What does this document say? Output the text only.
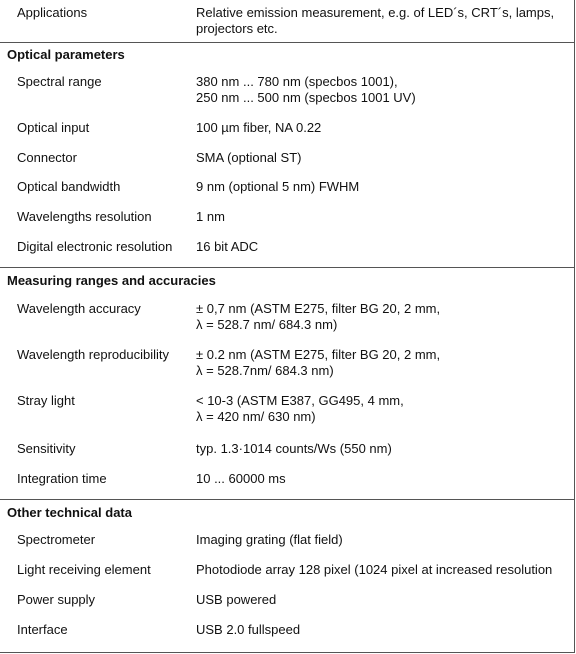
Applications	Relative emission measurement, e.g. of LED´s, CRT´s, lamps, projectors etc.
Optical parameters
Spectral range	380 nm ... 780 nm (specbos 1001),
250 nm ... 500 nm (specbos 1001 UV)
Optical input	100 µm fiber, NA 0.22
Connector	SMA (optional ST)
Optical bandwidth	9 nm (optional 5 nm) FWHM
Wavelengths resolution	1 nm
Digital electronic resolution	16 bit ADC
Measuring ranges and accuracies
Wavelength accuracy	± 0,7 nm (ASTM E275, filter BG 20, 2 mm,
λ = 528.7 nm/ 684.3 nm)
Wavelength reproducibility	± 0.2 nm (ASTM E275, filter BG 20, 2 mm,
λ = 528.7nm/ 684.3 nm)
Stray light	< 10-3 (ASTM E387, GG495, 4 mm,
λ = 420 nm/ 630 nm)
Sensitivity	typ. 1.3·1014 counts/Ws (550 nm)
Integration time	10 ... 60000 ms
Other technical data
Spectrometer	Imaging grating (flat field)
Light receiving element	Photodiode array 128 pixel (1024 pixel at increased resolution
Power supply	USB powered
Interface	USB 2.0 fullspeed
